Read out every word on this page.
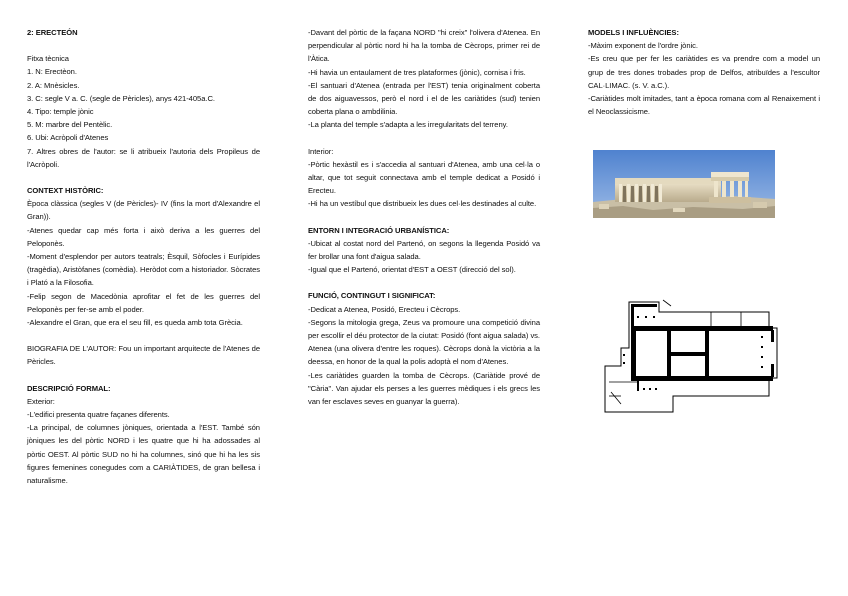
2: ERECTEÓN

Fitxa tècnica

1. N: Erectèon.

2. A: Mnèsicles.

3. C: segle V a. C. (segle de Pèricles), anys 421-405a.C.

4. Tipo: temple jònic

5. M: marbre del Pentèlic.

6. Ubi: Acròpoli d'Atenes

7. Altres obres de l'autor: se li atribueix l'autoria dels Propileus de l'Acròpoli.

CONTEXT HISTÒRIC:

Època clàssica (segles V (de Pèricles)- IV (fins la mort d'Alexandre el Gran)).

-Atenes quedar cap més forta i això deriva a les guerres del Peloponès.

-Moment d'esplendor per autors teatrals; Èsquil, Sòfocles i Eurípides (tragèdia), Aristòfanes (comèdia). Heròdot com a historiador. Sòcrates i Plató a la Filosofia.

-Felip segon de Macedònia aprofitar el fet de les guerres del Peloponès per fer-se amb el poder.

-Alexandre el Gran, que era el seu fill, es queda amb tota Grècia.

BIOGRAFIA DE L'AUTOR: Fou un important arquitecte de l'Atenes de Pèricles.

DESCRIPCIÓ FORMAL:

Exterior:

-L'edifici presenta quatre façanes diferents.

-La principal, de columnes jòniques, orientada a l'EST. També són jòniques les del pòrtic NORD i les quatre que hi ha adossades al pòrtic OEST. Al pòrtic SUD no hi ha columnes, sinó que hi ha les sis figures femenines conegudes com a CARIÀTIDES, de gran bellesa i naturalisme.

-Davant del pòrtic de la façana NORD "hi creix" l'olivera d'Atenea. En perpendicular al pòrtic nord hi ha la tomba de Cècrops, primer rei de l'Àtica.

-Hi havia un entaulament de tres plataformes (jònic), cornisa i fris.

-El santuari d'Atenea (entrada per l'EST) tenia originalment coberta de dos aiguavessos, però el nord i el de les cariàtides (sud) tenien coberta plana o ambdilinia.

-La planta del temple s'adapta a les irregularitats del terreny.

Interior:

-Pòrtic hexàstil es i s'accedia al santuari d'Atenea, amb una cel·la o altar, que tot seguit connectava amb el temple dedicat a Posidó i Erecteu.

-Hi ha un vestíbul que distribueix les dues cel·les destinades al culte.

ENTORN I INTEGRACIÓ URBANÍSTICA:

-Ubicat al costat nord del Partenó, on segons la llegenda Posidó va fer brollar una font d'aigua salada.

-Igual que el Partenó, orientat d'EST a OEST (direcció del sol).

FUNCIÓ, CONTINGUT I SIGNIFICAT:

-Dedicat a Atenea, Posidó, Erecteu i Cècrops.

-Segons la mitologia grega, Zeus va promoure una competició divina per escollir el déu protector de la ciutat: Posidó (font aigua salada) vs. Atenea (una olivera d'entre les roques). Cècrops donà la victòria a la deessa, en honor de la qual la polis adoptà el nom d'Atenes.

-Les cariàtides guarden la tomba de Cècrops. (Cariàtide prové de "Cària". Van ajudar els perses a les guerres mèdiques i els grecs les van fer esclaves seves en guanyar la guerra).

MODELS I INFLUÈNCIES:

-Màxim exponent de l'ordre jònic.

-Es creu que per fer les cariàtides es va prendre com a model un grup de tres dones trobades prop de Delfos, atribuïdes a l'escultor CAL·LIMAC. (s. V. a.C.).

-Cariàtides molt imitades, tant a època romana com al Renaixement i el Neoclassicisme.
